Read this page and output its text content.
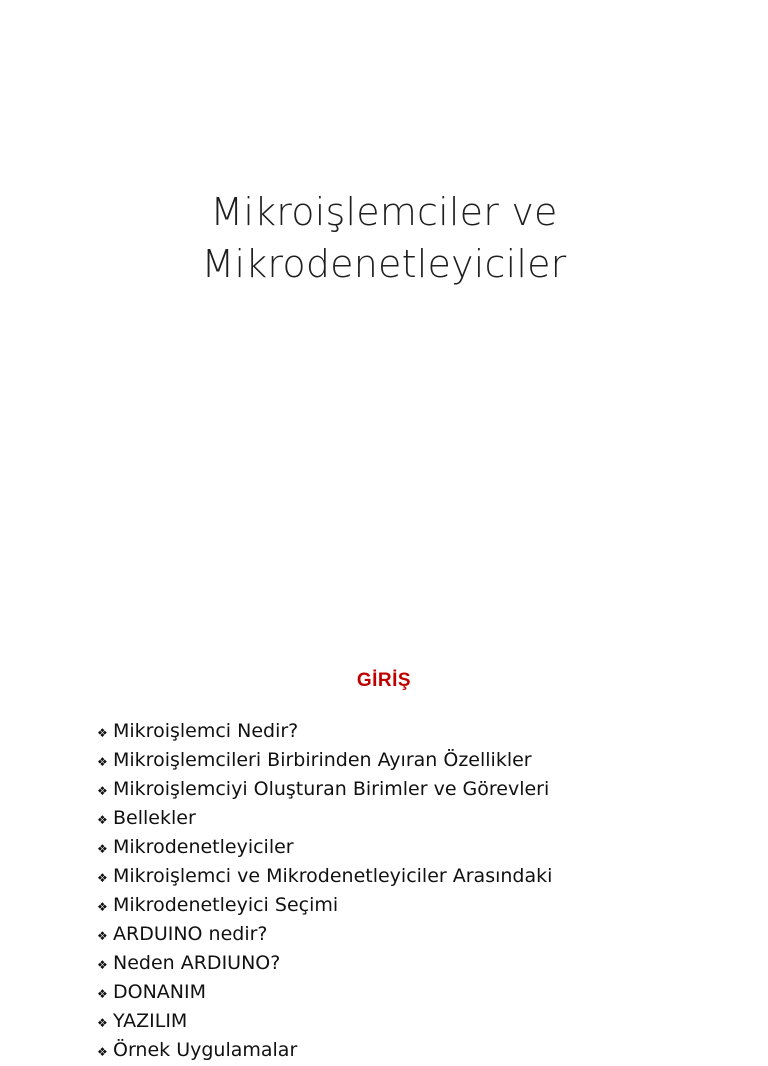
Mikroişlemciler ve
Mikrodenetleyiciler
GİRİŞ
❖ Mikroişlemci Nedir?
❖ Mikroişlemcileri Birbirinden Ayıran Özellikler
❖ Mikroişlemciyi Oluşturan Birimler ve Görevleri
❖ Bellekler
❖ Mikrodenetleyiciler
❖ Mikroişlemci ve Mikrodenetleyiciler Arasındaki
❖ Mikrodenetleyici Seçimi
❖ ARDUINO nedir?
❖ Neden ARDIUNO?
❖ DONANIM
❖ YAZILIM
❖ Örnek Uygulamalar
